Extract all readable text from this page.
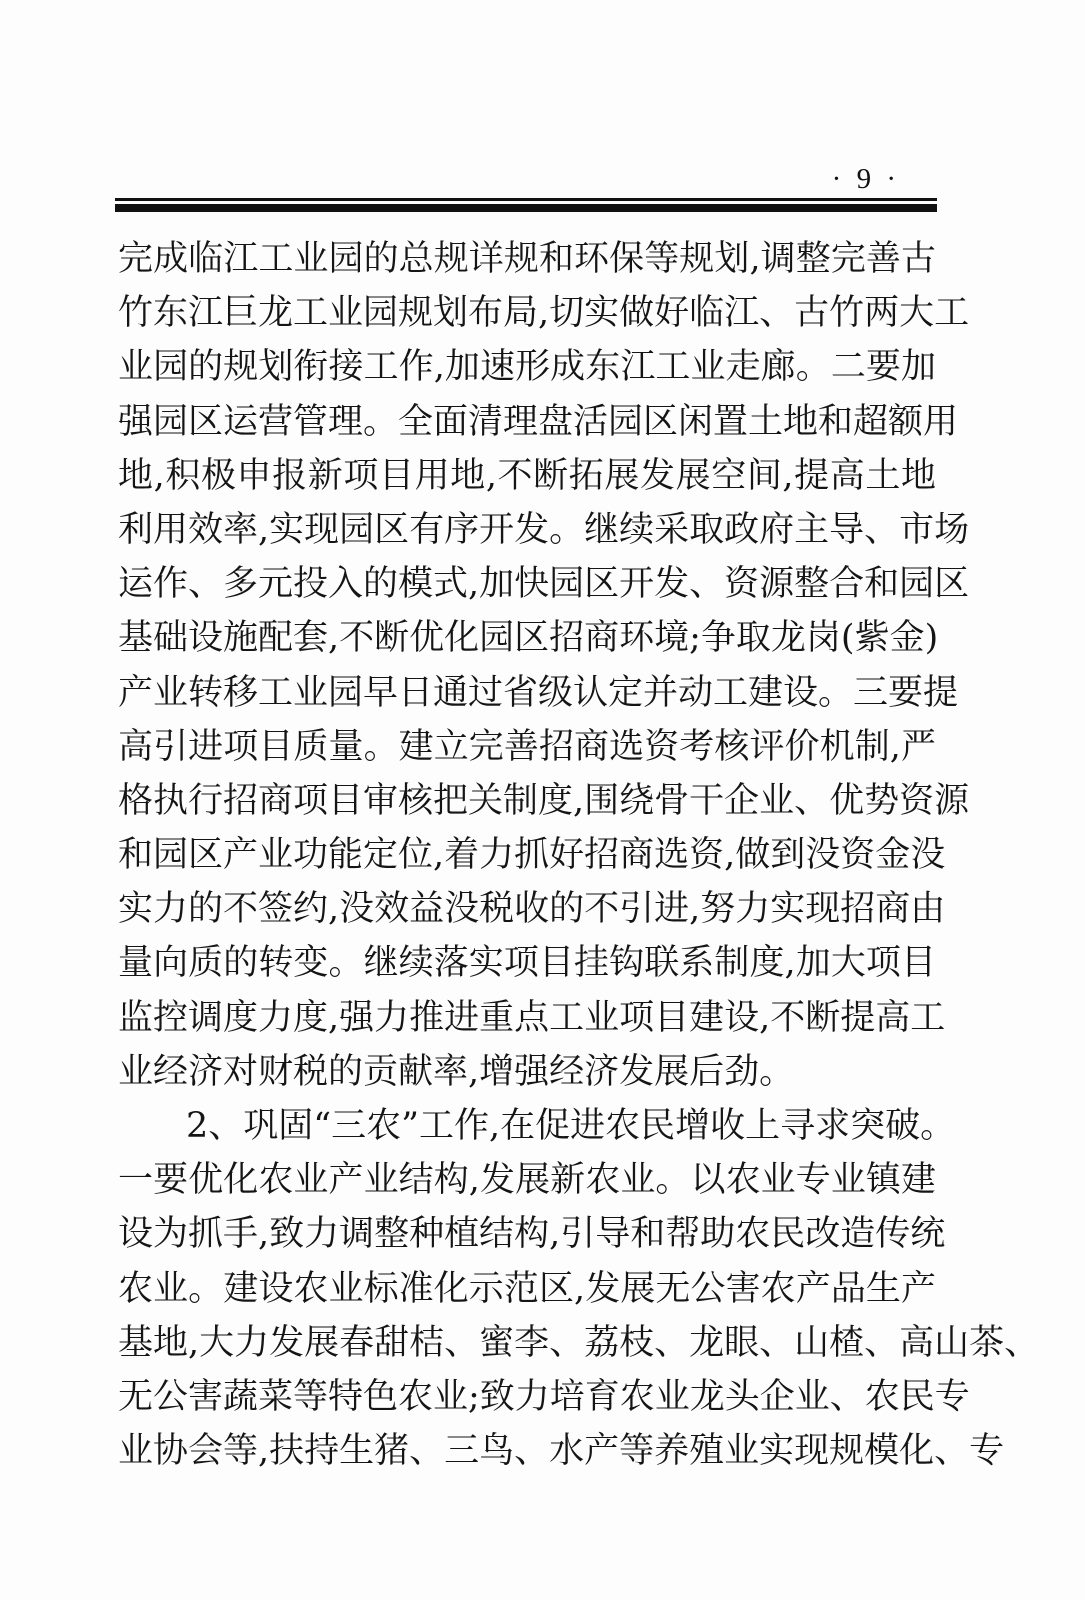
· 9 ·
完成临江工业园的总规详规和环保等规划,调整完善古
竹东江巨龙工业园规划布局,切实做好临江、古竹两大工
业园的规划衔接工作,加速形成东江工业走廊。二要加
强园区运营管理。全面清理盘活园区闲置土地和超额用
地,积极申报新项目用地,不断拓展发展空间,提高土地
利用效率,实现园区有序开发。继续采取政府主导、市场
运作、多元投入的模式,加快园区开发、资源整合和园区
基础设施配套,不断优化园区招商环境;争取龙岗(紫金)
产业转移工业园早日通过省级认定并动工建设。三要提
高引进项目质量。建立完善招商选资考核评价机制,严
格执行招商项目审核把关制度,围绕骨干企业、优势资源
和园区产业功能定位,着力抓好招商选资,做到没资金没
实力的不签约,没效益没税收的不引进,努力实现招商由
量向质的转变。继续落实项目挂钩联系制度,加大项目
监控调度力度,强力推进重点工业项目建设,不断提高工
业经济对财税的贡献率,增强经济发展后劲。
2、巩固“三农”工作,在促进农民增收上寻求突破。
一要优化农业产业结构,发展新农业。以农业专业镇建
设为抓手,致力调整种植结构,引导和帮助农民改造传统
农业。建设农业标准化示范区,发展无公害农产品生产
基地,大力发展春甜桔、蜜李、荔枝、龙眼、山楂、高山茶、
无公害蔬菜等特色农业;致力培育农业龙头企业、农民专
业协会等,扶持生猪、三鸟、水产等养殖业实现规模化、专
